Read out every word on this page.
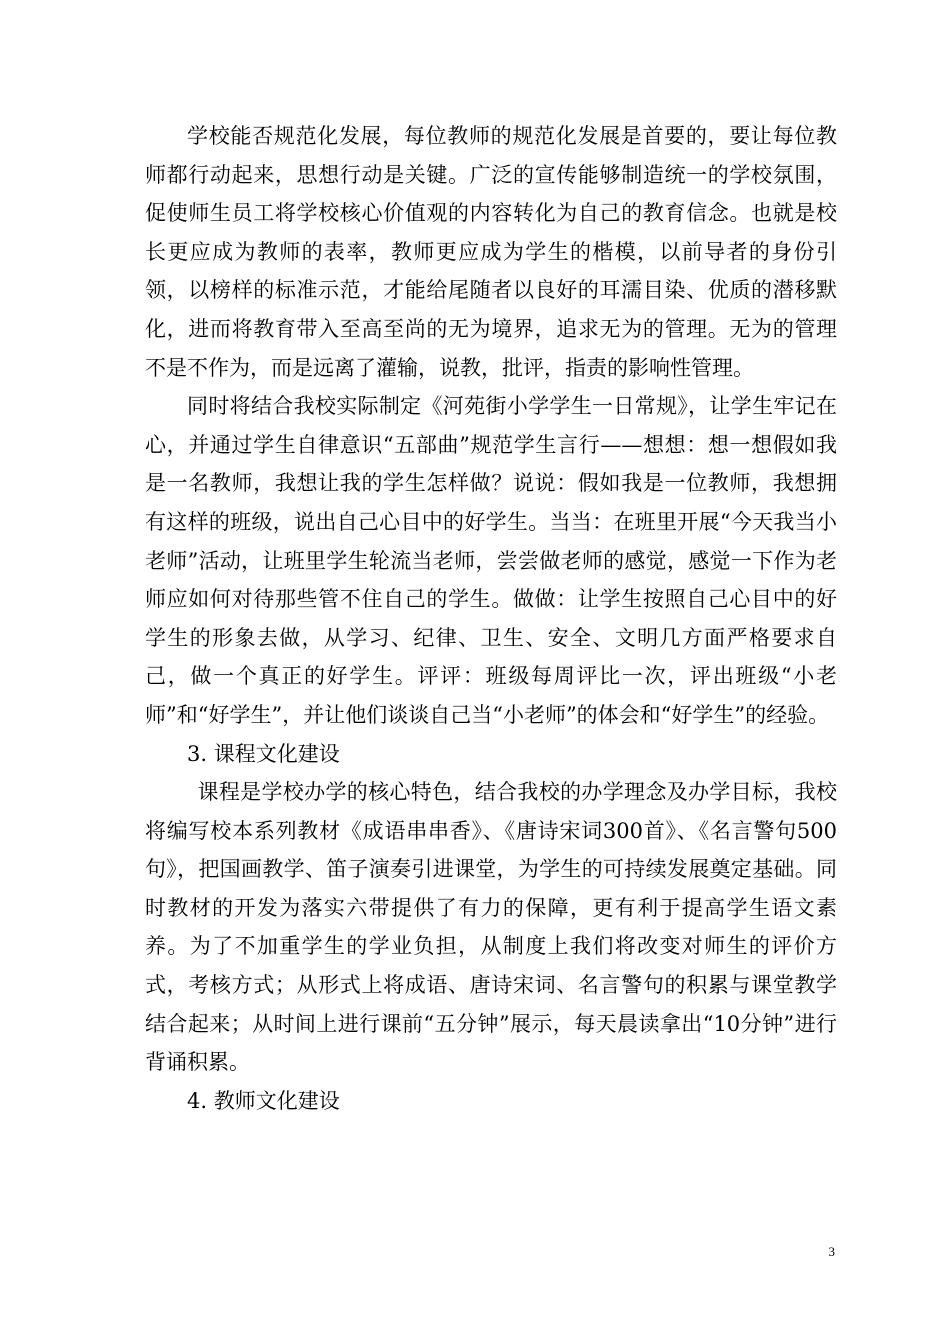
学校能否规范化发展，每位教师的规范化发展是首要的，要让每位教师都行动起来，思想行动是关键。广泛的宣传能够制造统一的学校氛围，促使师生员工将学校核心价值观的内容转化为自己的教育信念。也就是校长更应成为教师的表率，教师更应成为学生的楷模，以前导者的身份引领，以榜样的标准示范，才能给尾随者以良好的耳濡目染、优质的潜移默化，进而将教育带入至高至尚的无为境界，追求无为的管理。无为的管理不是不作为，而是远离了灌输，说教，批评，指责的影响性管理。

同时将结合我校实际制定《河苑街小学学生一日常规》，让学生牢记在心，并通过学生自律意识“五部曲”规范学生言行——想想：想一想假如我是一名教师，我想让我的学生怎样做？说说：假如我是一位教师，我想拥有这样的班级，说出自己心目中的好学生。当当：在班里开展“今天我当小老师”活动，让班里学生轮流当老师，尝尝做老师的感觉，感觉一下作为老师应如何对待那些管不住自己的学生。做做：让学生按照自己心目中的好学生的形象去做，从学习、纪律、卫生、安全、文明几方面严格要求自己，做一个真正的好学生。评评：班级每周评比一次，评出班级“小老师”和“好学生”，并让他们谈谈自己当“小老师”的体会和“好学生”的经验。

3. 课程文化建设

课程是学校办学的核心特色，结合我校的办学理念及办学目标，我校将编写校本系列教材《成语串串香》、《唐诗宋词300首》、《名言警句500句》，把国画教学、笛子演奏引进课堂，为学生的可持续发展奠定基础。同时教材的开发为落实六带提供了有力的保障，更有利于提高学生语文素养。为了不加重学生的学业负担，从制度上我们将改变对师生的评价方式，考核方式；从形式上将成语、唐诗宋词、名言警句的积累与课堂教学结合起来；从时间上进行课前“五分钟”展示，每天晨读拿出“10分钟”进行背诵积累。

4. 教师文化建设

3
